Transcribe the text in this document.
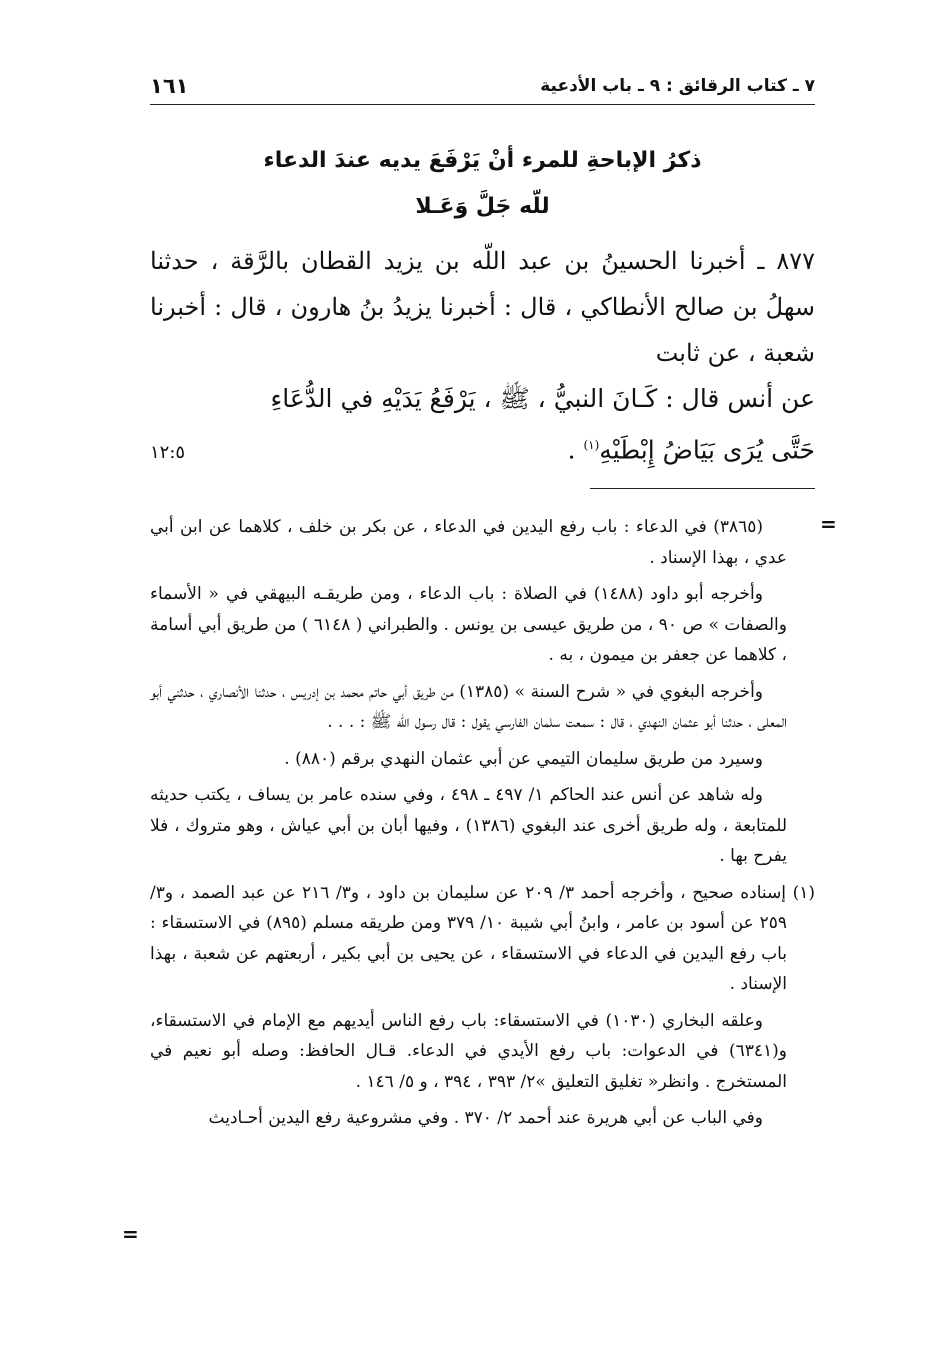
٧ ـ كتاب الرقائق : ٩ ـ باب الأدعية
١٦١
ذكرُ الإباحةِ للمرء أنْ يَرْفَعَ يديه عندَ الدعاء
للّه جَلَّ وَعَـلا

٨٧٧ ـ أخبرنا الحسينُ بن عبد اللّه بن يزيد القطان بالرَّقة ، حدثنا سهلُ بن صالح الأنطاكي ، قال : أخبرنا يزيدُ بنُ هارون ، قال : أخبرنا شعبة ، عن ثابت

عن أنس قال : كَـانَ النبيُّ ، ﷺ ، يَرْفَعُ يَدَيْهِ في الدُّعَاءِ

حَتَّى يُرَى بَيَاضُ إِبْطَيْهِ$^{(١)}$ .
١٢:٥
=

(٣٨٦٥) في الدعاء : باب رفع اليدين في الدعاء ، عن بكر بن خلف ، كلاهما عن ابن أبي عدي ، بهذا الإسناد .

وأخرجه أبو داود (١٤٨٨) في الصلاة : باب الدعاء ، ومن طريقـه البيهقي في « الأسماء والصفات » ص ٩٠ ، من طريق عيسى بن يونس . والطبراني ( ٦١٤٨ ) من طريق أبي أسامة ، كلاهما عن جعفر بن ميمون ، به .

وأخرجه البغوي في « شرح السنة » (١٣٨٥) من طريق أبي حاتم محمد بن إدريس ، حدثنا الأنصاري ، حدثني أبو المعلى ، حدثنا أبو عثمان النهدي ، قال : سمعت سلمان الفارسي يقول : قال رسول الله ﷺ : . . .

وسيرد من طريق سليمان التيمي عن أبي عثمان النهدي برقم (٨٨٠) .

وله شاهد عن أنس عند الحاكم ١/ ٤٩٧ ـ ٤٩٨ ، وفي سنده عامر بن يساف ، يكتب حديثه للمتابعة ، وله طريق أخرى عند البغوي (١٣٨٦) ، وفيها أبان بن أبي عياش ، وهو متروك ، فلا يفرح بها .

(١) إسناده صحيح ، وأخرجه أحمد ٣/ ٢٠٩ عن سليمان بن داود ، و٣/ ٢١٦ عن عبد الصمد ، و٣/ ٢٥٩ عن أسود بن عامر ، وابنُ أبي شيبة ١٠/ ٣٧٩ ومن طريقه مسلم (٨٩٥) في الاستسقاء : باب رفع اليدين في الدعاء في الاستسقاء ، عن يحيى بن أبي بكير ، أربعتهم عن شعبة ، بهذا الإسناد .

وعلقه البخاري (١٠٣٠) في الاستسقاء: باب رفع الناس أيديهم مع الإمام في الاستسقاء، و(٦٣٤١) في الدعوات: باب رفع الأيدي في الدعاء. قـال الحافظ: وصله أبو نعيم في المستخرج . وانظر« تغليق التعليق »٢/ ٣٩٣ ، ٣٩٤ ، و ٥/ ١٤٦ .

وفي الباب عن أبي هريرة عند أحمد ٢/ ٣٧٠ . وفي مشروعية رفع اليدين أحـاديث

=
